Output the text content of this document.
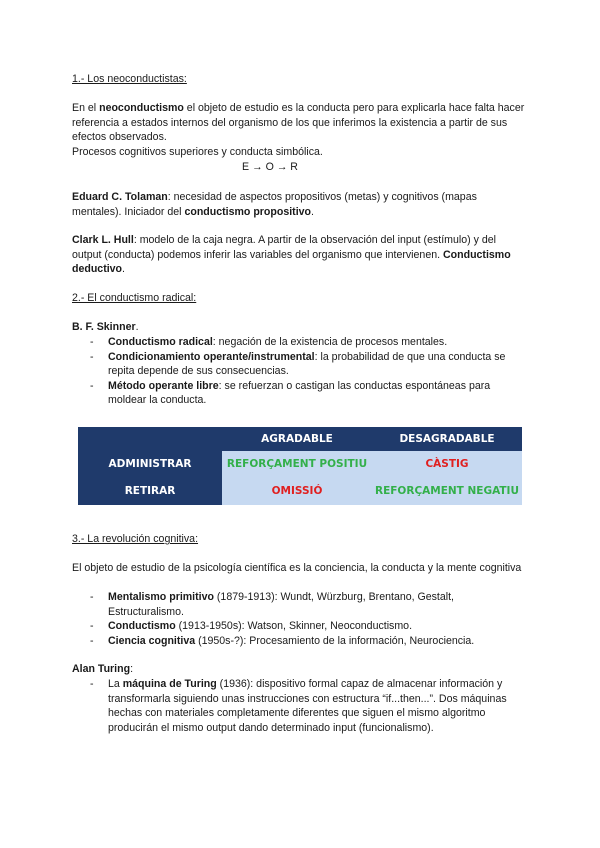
1.- Los neoconductistas:

En el neoconductismo el objeto de estudio es la conducta pero para explicarla hace falta hacer referencia a estados internos del organismo de los que inferimos la existencia a partir de sus efectos observados.

Procesos cognitivos superiores y conducta simbólica.

E → O → R

Eduard C. Tolaman: necesidad de aspectos propositivos (metas) y cognitivos (mapas mentales). Iniciador del conductismo propositivo.

Clark L. Hull: modelo de la caja negra. A partir de la observación del input (estímulo) y del output (conducta) podemos inferir las variables del organismo que intervienen. Conductismo deductivo.

2.- El conductismo radical:

B. F. Skinner.

- Conductismo radical: negación de la existencia de procesos mentales.
- Condicionamiento operante/instrumental: la probabilidad de que una conducta se repita depende de sus consecuencias.
- Método operante libre: se refuerzan o castigan las conductas espontáneas para moldear la conducta.
	AGRADABLE	DESAGRADABLE
ADMINISTRAR	REFORÇAMENT POSITIU	CÀSTIG
RETIRAR	OMISSIÓ	REFORÇAMENT NEGATIU

3.- La revolución cognitiva:

El objeto de estudio de la psicología científica es la conciencia, la conducta y la mente cognitiva

- Mentalismo primitivo (1879-1913): Wundt, Würzburg, Brentano, Gestalt, Estructuralismo.
- Conductismo (1913-1950s): Watson, Skinner, Neoconductismo.
- Ciencia cognitiva (1950s-?): Procesamiento de la información, Neurociencia.

Alan Turing:

- La máquina de Turing (1936): dispositivo formal capaz de almacenar información y transformarla siguiendo unas instrucciones con estructura “if...then...”. Dos máquinas hechas con materiales completamente diferentes que siguen el mismo algoritmo producirán el mismo output dando determinado input (funcionalismo).
